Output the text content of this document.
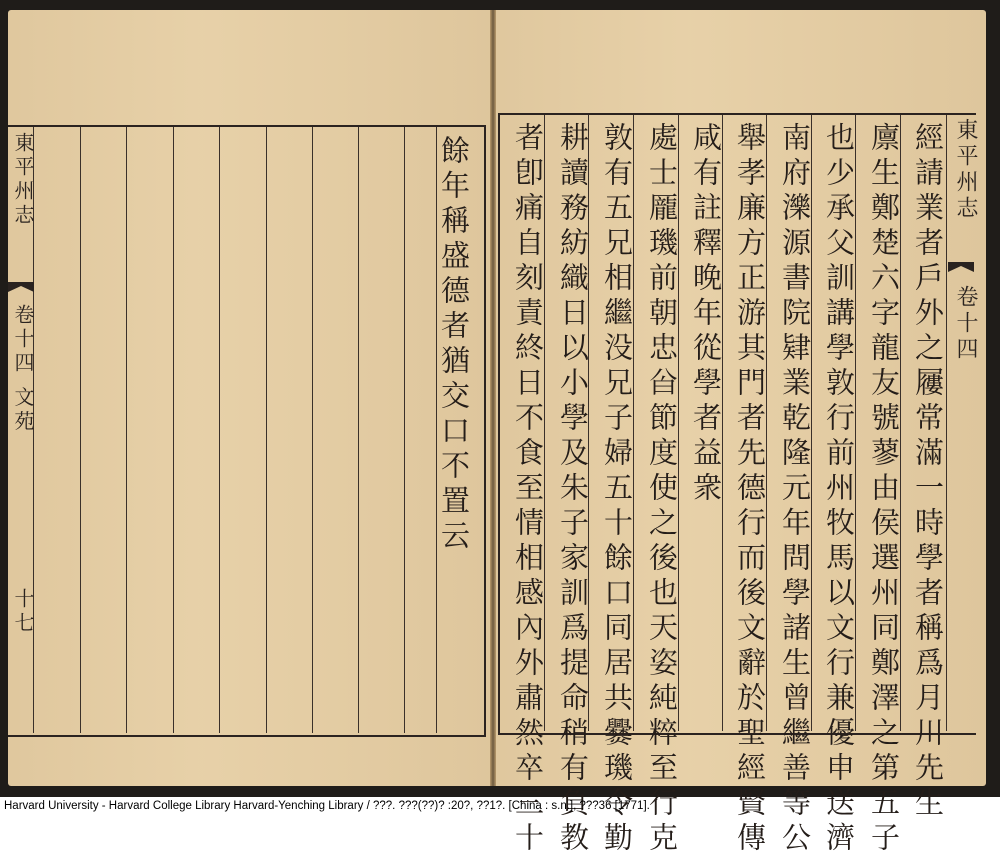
東平州志
卷十四 文苑
十七
餘年稱盛德者猶交口不置云	東平州志
卷十四
經請業者戶外之屨常滿一時學者稱爲月川先生
廪生鄭楚六字龍友號蓼由侯選州同鄭澤之第五子
也少承父訓講學敦行前州牧馬以文行兼優申送濟
南府濼源書院肄業乾隆元年問學諸生曾繼善等公
舉孝廉方正游其門者先德行而後文辭於聖經賢傳
咸有註釋晚年從學者益衆
處士龎璣前朝忠㒶節度使之後也天姿純粹至行克
敦有五兄相繼没兄子婦五十餘口同居共爨璣令勤
耕讀務紡織日以小學及朱子家訓爲提命稍有負教
者卽痛自刻責終日不食至情相感內外肅然卒三十
Harvard University - Harvard College Library Harvard-Yenching Library / ???. ???(??)? :20?, ??1?. [China : s.n.], ???36 [1771].
